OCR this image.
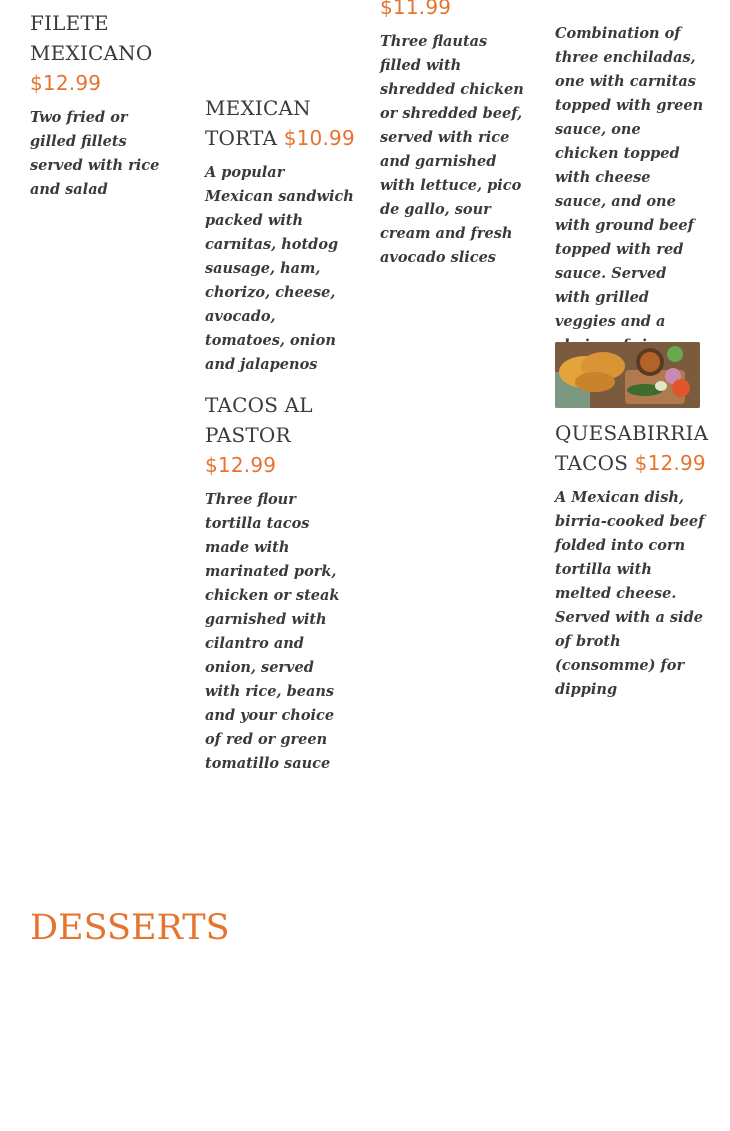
FILETE MEXICANO
$12.99
Two fried or gilled fillets served with rice and salad
MEXICAN TORTA $10.99
A popular Mexican sandwich packed with carnitas, hotdog sausage, ham, chorizo, cheese, avocado, tomatoes, onion and jalapenos
TACOS AL PASTOR
$12.99
Three flour tortilla tacos made with marinated pork, chicken or steak garnished with cilantro and onion, served with rice, beans and your choice of red or green tomatillo sauce
$11.99
Three flautas filled with shredded chicken or shredded beef, served with rice and garnished with lettuce, pico de gallo, sour cream and fresh avocado slices
Combination of three enchiladas, one with carnitas topped with green sauce, one chicken topped with cheese sauce, and one with ground beef topped with red sauce. Served with grilled veggies and a
QUESABIRRIA TACOS $12.99
A Mexican dish, birria-cooked beef folded into corn tortilla with melted cheese. Served with a side of broth (consomme) for dipping
DESSERTS
